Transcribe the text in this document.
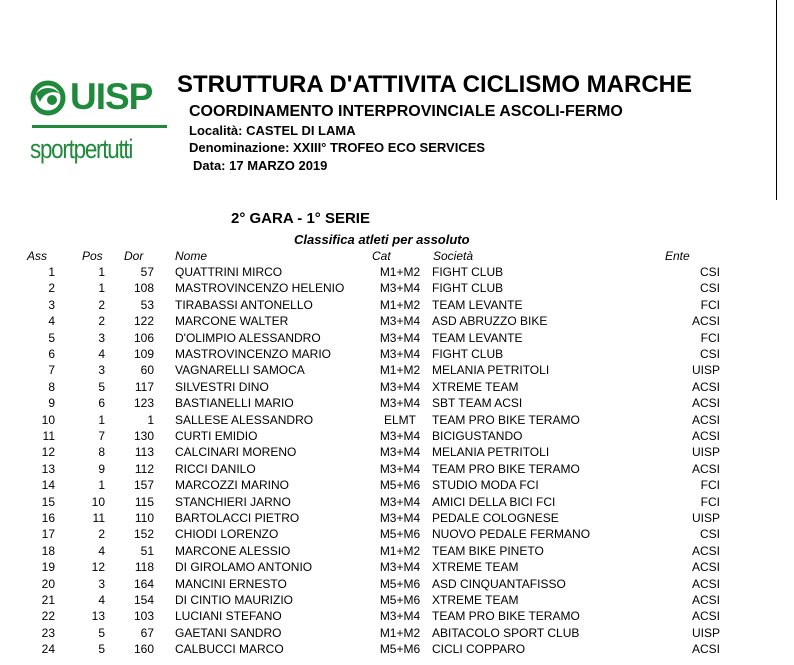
UISP
sportpertutti
STRUTTURA D'ATTIVITA CICLISMO MARCHE
COORDINAMENTO INTERPROVINCIALE ASCOLI-FERMO
Località: CASTEL DI LAMA
Denominazione: XXIII° TROFEO ECO SERVICES
Data: 17 MARZO 2019
2° GARA - 1° SERIE
Classifica atleti per assoluto
Ass	Pos Dor	Nome	Cat	Società	Ente
1	1	57 QUATTRINI MIRCO	M1+M2 FIGHT CLUB	CSI
2	1	108 MASTROVINCENZO HELENIO	M3+M4 FIGHT CLUB	CSI
3	2	53 TIRABASSI ANTONELLO	M1+M2 TEAM LEVANTE	FCI
4	2	122 MARCONE WALTER	M3+M4 ASD ABRUZZO BIKE	ACSI
5	3	106 D'OLIMPIO ALESSANDRO	M3+M4 TEAM LEVANTE	FCI
6	4	109 MASTROVINCENZO MARIO	M3+M4 FIGHT CLUB	CSI
7	3	60 VAGNARELLI SAMOCA	M1+M2 MELANIA PETRITOLI	UISP
8	5	117 SILVESTRI DINO	M3+M4 XTREME TEAM	ACSI
9	6	123 BASTIANELLI MARIO	M3+M4 SBT TEAM ACSI	ACSI
10	1	1 SALLESE ALESSANDRO	ELMT	TEAM PRO BIKE TERAMO	ACSI
11	7	130 CURTI EMIDIO	M3+M4 BICIGUSTANDO	ACSI
12	8	113 CALCINARI MORENO	M3+M4 MELANIA PETRITOLI	UISP
13	9	112 RICCI DANILO	M3+M4 TEAM PRO BIKE TERAMO	ACSI
14	1	157 MARCOZZI MARINO	M5+M6 STUDIO MODA FCI	FCI
15	10	115 STANCHIERI JARNO	M3+M4 AMICI DELLA BICI FCI	FCI
16	11	110 BARTOLACCI PIETRO	M3+M4 PEDALE COLOGNESE	UISP
17	2	152 CHIODI LORENZO	M5+M6 NUOVO PEDALE FERMANO	CSI
18	4	51 MARCONE ALESSIO	M1+M2 TEAM BIKE PINETO	ACSI
19	12	118 DI GIROLAMO ANTONIO	M3+M4 XTREME TEAM	ACSI
20	3	164 MANCINI ERNESTO	M5+M6 ASD CINQUANTAFISSO	ACSI
21	4	154 DI CINTIO MAURIZIO	M5+M6 XTREME TEAM	ACSI
22	13	103 LUCIANI STEFANO	M3+M4 TEAM PRO BIKE TERAMO	ACSI
23	5	67 GAETANI SANDRO	M1+M2 ABITACOLO SPORT CLUB	UISP
24	5	160 CALBUCCI MARCO	M5+M6 CICLI COPPARO	ACSI
